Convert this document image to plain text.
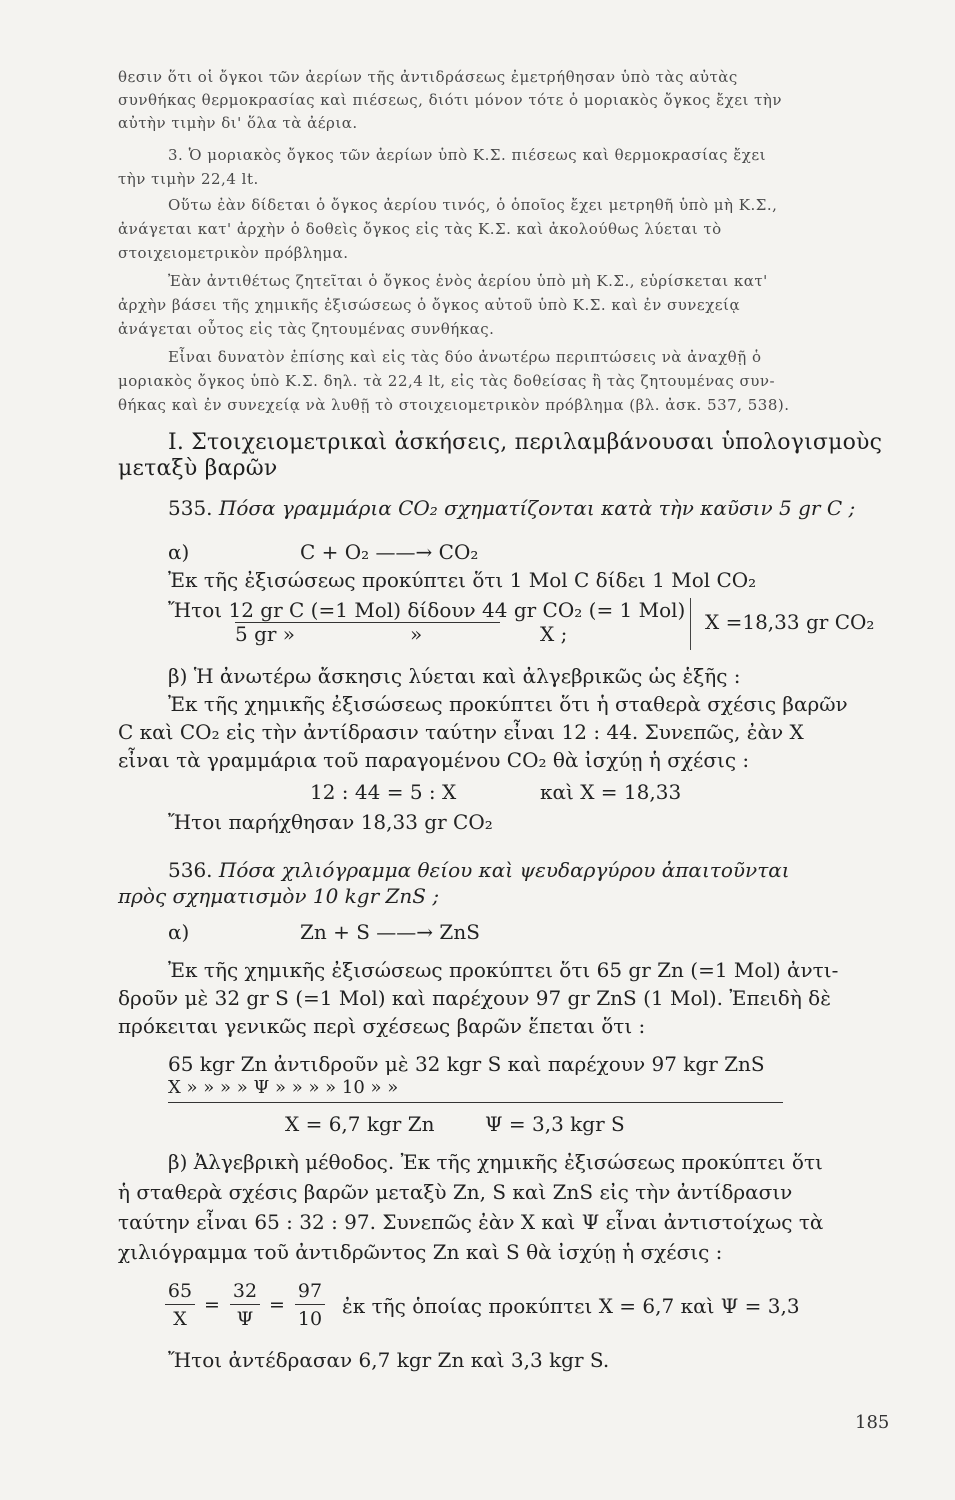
θεσιν ὅτι οἱ ὄγκοι τῶν ἀερίων τῆς ἀντιδράσεως ἐμετρήθησαν ὑπὸ τὰς αὐτὰς
συνθήκας θερμοκρασίας καὶ πιέσεως, διότι μόνον τότε ὁ μοριακὸς ὄγκος ἔχει τὴν
αὐτὴν τιμὴν δι' ὅλα τὰ ἀέρια.
3. Ὁ μοριακὸς ὄγκος τῶν ἀερίων ὑπὸ Κ.Σ. πιέσεως καὶ θερμοκρασίας ἔχει
τὴν τιμὴν 22,4 lt.
Οὕτω ἐὰν δίδεται ὁ ὄγκος ἀερίου τινός, ὁ ὁποῖος ἔχει μετρηθῆ ὑπὸ μὴ Κ.Σ.,
ἀνάγεται κατ' ἀρχὴν ὁ δοθεὶς ὄγκος εἰς τὰς Κ.Σ. καὶ ἀκολούθως λύεται τὸ
στοιχειομετρικὸν πρόβλημα.
Ἐὰν ἀντιθέτως ζητεῖται ὁ ὄγκος ἑνὸς ἀερίου ὑπὸ μὴ Κ.Σ., εὑρίσκεται κατ'
ἀρχὴν βάσει τῆς χημικῆς ἐξισώσεως ὁ ὄγκος αὐτοῦ ὑπὸ Κ.Σ. καὶ ἐν συνεχείᾳ
ἀνάγεται οὗτος εἰς τὰς ζητουμένας συνθήκας.
Εἶναι δυνατὸν ἐπίσης καὶ εἰς τὰς δύο ἀνωτέρω περιπτώσεις νὰ ἀναχθῇ ὁ
μοριακὸς ὄγκος ὑπὸ Κ.Σ. δηλ. τὰ 22,4 lt, εἰς τὰς δοθείσας ἢ τὰς ζητουμένας συν-
θήκας καὶ ἐν συνεχείᾳ νὰ λυθῇ τὸ στοιχειομετρικὸν πρόβλημα (βλ. ἀσκ. 537, 538).
I. Στοιχειομετρικαὶ ἀσκήσεις, περιλαμβάνουσαι ὑπολογισμοὺς
μεταξὺ βαρῶν
535. Πόσα γραμμάρια CO₂ σχηματίζονται κατὰ τὴν καῦσιν 5 gr C ;
α)	C + O₂ ——→ CO₂
Ἐκ τῆς ἐξισώσεως προκύπτει ὅτι 1 Mol C δίδει 1 Mol CO₂
Ἤτοι 12 gr C (=1 Mol) δίδουν 44 gr CO₂ (= 1 Mol)
5 gr »	»	X ;	X =18,33 gr CO₂
β) Ἡ ἀνωτέρω ἄσκησις λύεται καὶ ἀλγεβρικῶς ὡς ἑξῆς :
Ἐκ τῆς χημικῆς ἐξισώσεως προκύπτει ὅτι ἡ σταθερὰ σχέσις βαρῶν
C καὶ CO₂ εἰς τὴν ἀντίδρασιν ταύτην εἶναι 12 : 44. Συνεπῶς, ἐὰν X
εἶναι τὰ γραμμάρια τοῦ παραγομένου CO₂ θὰ ἰσχύῃ ἡ σχέσις :
12 : 44 = 5 : X	καὶ X = 18,33
Ἤτοι παρήχθησαν 18,33 gr CO₂
536. Πόσα χιλιόγραμμα θείου καὶ ψευδαργύρου ἀπαιτοῦνται
πρὸς σχηματισμὸν 10 kgr ZnS ;
α)	Zn + S ——→ ZnS
Ἐκ τῆς χημικῆς ἐξισώσεως προκύπτει ὅτι 65 gr Zn (=1 Mol) ἀντι-
δροῦν μὲ 32 gr S (=1 Mol) καὶ παρέχουν 97 gr ZnS (1 Mol). Ἐπειδὴ δὲ
πρόκειται γενικῶς περὶ σχέσεως βαρῶν ἕπεται ὅτι :
65 kgr Zn ἀντιδροῦν μὲ 32 kgr S καὶ παρέχουν 97 kgr ZnS
X » » » » Ψ » » » » 10 » »
X = 6,7 kgr Zn	Ψ = 3,3 kgr S
β) Ἀλγεβρικὴ μέθοδος. Ἐκ τῆς χημικῆς ἐξισώσεως προκύπτει ὅτι
ἡ σταθερὰ σχέσις βαρῶν μεταξὺ Zn, S καὶ ZnS εἰς τὴν ἀντίδρασιν
ταύτην εἶναι 65 : 32 : 97. Συνεπῶς ἐὰν X καὶ Ψ εἶναι ἀντιστοίχως τὰ
χιλιόγραμμα τοῦ ἀντιδρῶντος Zn καὶ S θὰ ἰσχύῃ ἡ σχέσις :
65
X
=
32
Ψ
=
97
10
ἐκ τῆς ὁποίας προκύπτει X = 6,7 καὶ Ψ = 3,3
Ἤτοι ἀντέδρασαν 6,7 kgr Zn καὶ 3,3 kgr S.
185
